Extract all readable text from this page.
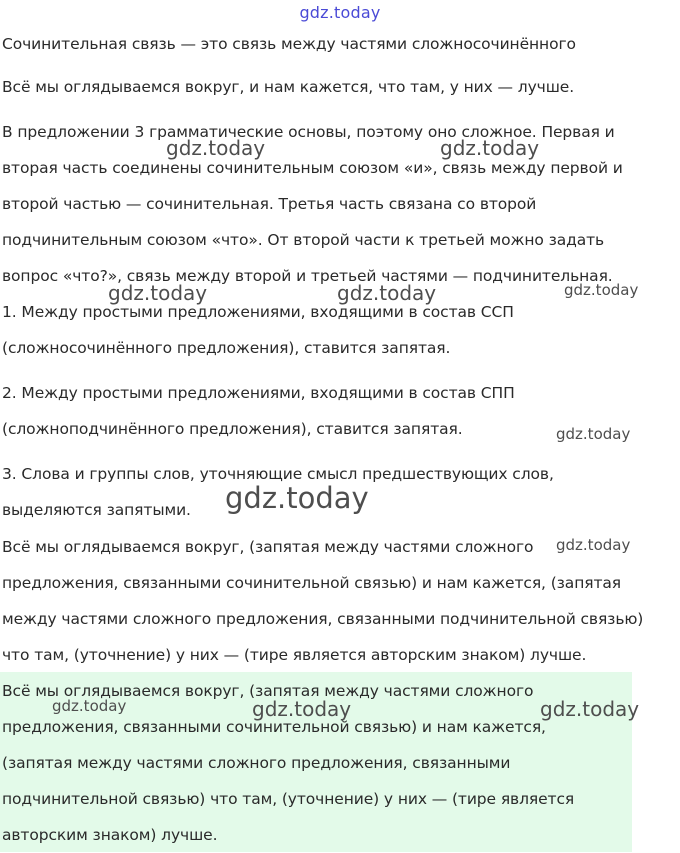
gdz.today

Сочинительная связь — это связь между частями сложносочинённого

Всё мы оглядываемся вокруг, и нам кажется, что там, у них — лучше.

В предложении 3 грамматические основы, поэтому оно сложное. Первая и
вторая часть соединены сочинительным союзом «и», связь между первой и
второй частью — сочинительная. Третья часть связана со второй
подчинительным союзом «что». От второй части к третьей можно задать
вопрос «что?», связь между второй и третьей частями — подчинительная.

1. Между простыми предложениями, входящими в состав ССП
(сложносочинённого предложения), ставится запятая.

2. Между простыми предложениями, входящими в состав СПП
(сложноподчинённого предложения), ставится запятая.

3. Слова и группы слов, уточняющие смысл предшествующих слов,
выделяются запятыми.

Всё мы оглядываемся вокруг, (запятая между частями сложного
предложения, связанными сочинительной связью) и нам кажется, (запятая
между частями сложного предложения, связанными подчинительной связью)
что там, (уточнение) у них — (тире является авторским знаком) лучше.

Всё мы оглядываемся вокруг, (запятая между частями сложного
предложения, связанными сочинительной связью) и нам кажется,
(запятая между частями сложного предложения, связанными
подчинительной связью) что там, (уточнение) у них — (тире является
авторским знаком) лучше.

gdz.today	gdz.today
gdz.today	gdz.today	gdz.today
gdz.today
gdz.today
gdz.today
gdz.today	gdz.today	gdz.today
